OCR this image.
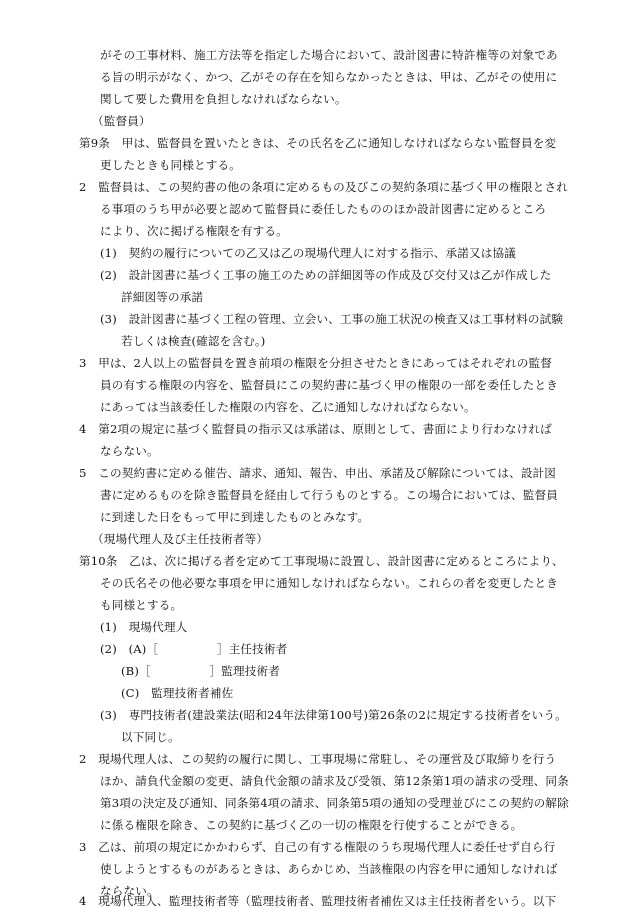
がその工事材料、施工方法等を指定した場合において、設計図書に特許権等の対象であ
る旨の明示がなく、かつ、乙がその存在を知らなかったときは、甲は、乙がその使用に
関して要した費用を負担しなければならない。
（監督員）
第9条　甲は、監督員を置いたときは、その氏名を乙に通知しなければならない監督員を変
更したときも同様とする。
2　監督員は、この契約書の他の条項に定めるもの及びこの契約条項に基づく甲の権限とされ
る事項のうち甲が必要と認めて監督員に委任したもののほか設計図書に定めるところ
により、次に掲げる権限を有する。
(1)　契約の履行についての乙又は乙の現場代理人に対する指示、承諾又は協議
(2)　設計図書に基づく工事の施工のための詳細図等の作成及び交付又は乙が作成した
詳細図等の承諾
(3)　設計図書に基づく工程の管理、立会い、工事の施工状況の検査又は工事材料の試験
若しくは検査(確認を含む。)
3　甲は、2人以上の監督員を置き前項の権限を分担させたときにあってはそれぞれの監督
員の有する権限の内容を、監督員にこの契約書に基づく甲の権限の一部を委任したとき
にあっては当該委任した権限の内容を、乙に通知しなければならない。
4　第2項の規定に基づく監督員の指示又は承諾は、原則として、書面により行わなければ
ならない。
5　この契約書に定める催告、請求、通知、報告、申出、承諾及び解除については、設計図
書に定めるものを除き監督員を経由して行うものとする。この場合においては、監督員
に到達した日をもって甲に到達したものとみなす。
（現場代理人及び主任技術者等）
第10条　乙は、次に掲げる者を定めて工事現場に設置し、設計図書に定めるところにより、
その氏名その他必要な事項を甲に通知しなければならない。これらの者を変更したとき
も同様とする。
(1)　現場代理人
(2)　(A)［　　　　　］主任技術者
(B)［　　　　　］監理技術者
(C)　監理技術者補佐
(3)　専門技術者(建設業法(昭和24年法律第100号)第26条の2に規定する技術者をいう。
以下同じ。
2　現場代理人は、この契約の履行に関し、工事現場に常駐し、その運営及び取締りを行う
ほか、請負代金額の変更、請負代金額の請求及び受領、第12条第1項の請求の受理、同条
第3項の決定及び通知、同条第4項の請求、同条第5項の通知の受理並びにこの契約の解除
に係る権限を除き、この契約に基づく乙の一切の権限を行使することができる。
3　乙は、前項の規定にかかわらず、自己の有する権限のうち現場代理人に委任せず自ら行
使しようとするものがあるときは、あらかじめ、当該権限の内容を甲に通知しなければ
ならない。
4　現場代理人、監理技術者等（監理技術者、監理技術者補佐又は主任技術者をいう。以下
